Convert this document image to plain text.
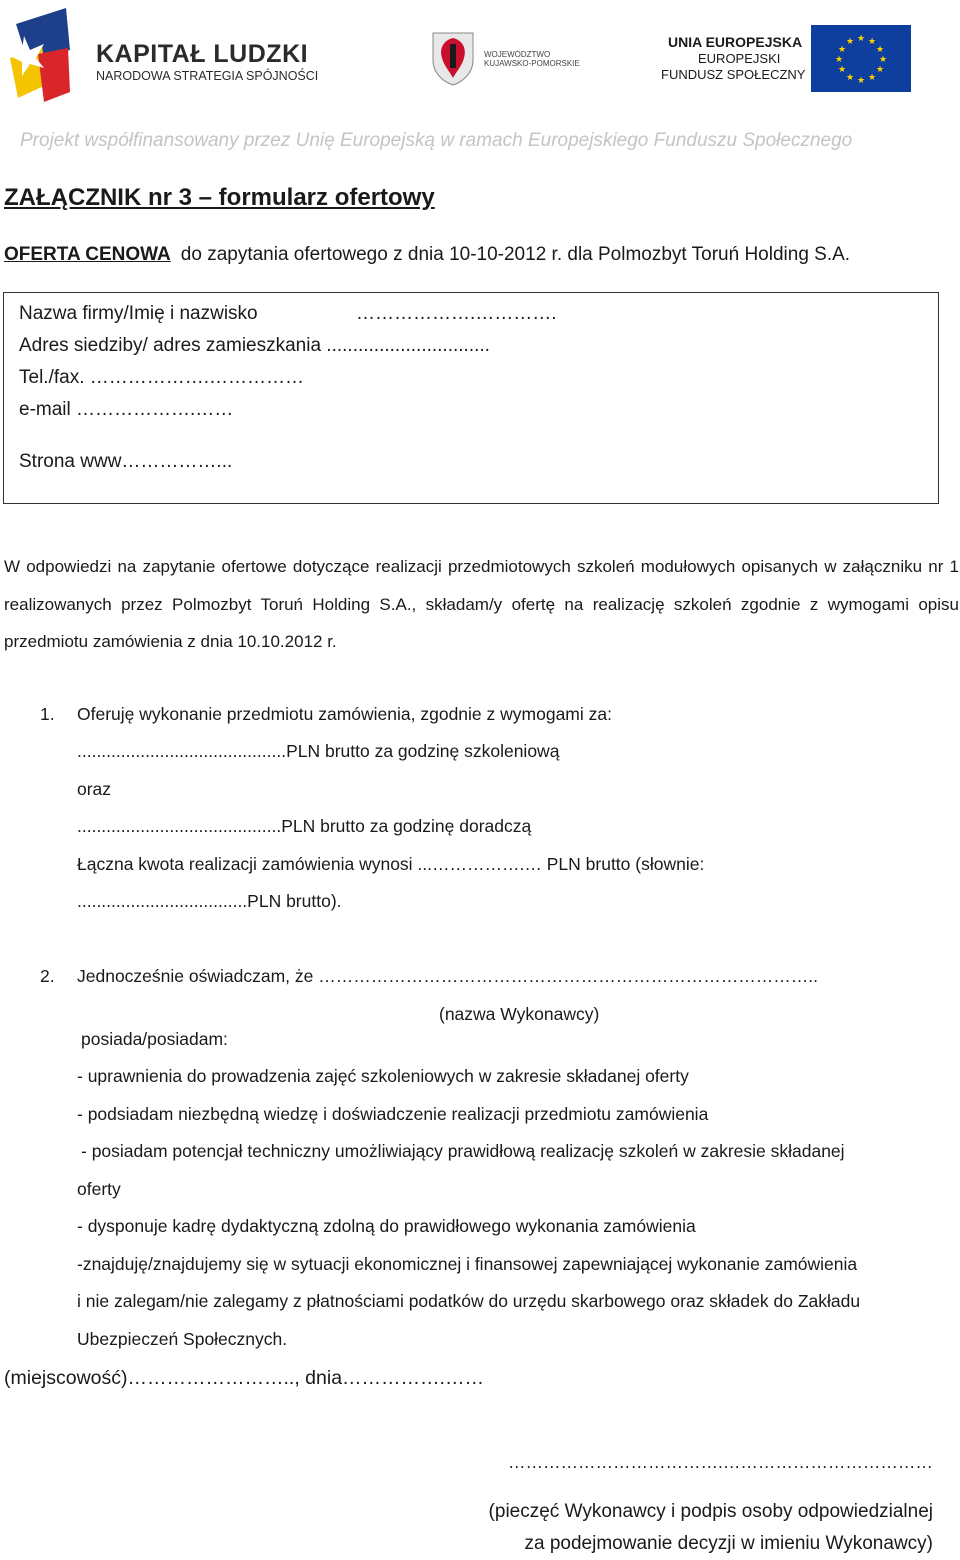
KAPITAŁ LUDZKI
NARODOWA STRATEGIA SPÓJNOŚCI
WOJEWÓDZTWO
KUJAWSKO-POMORSKIE
UNIA EUROPEJSKA
EUROPEJSKI
FUNDUSZ SPOŁECZNY
★ ★
★
★
★
★
★
★
★
★
★
★
Projekt współfinansowany przez Unię Europejską w ramach Europejskiego Funduszu Społecznego
ZAŁĄCZNIK nr 3 – formularz ofertowy
OFERTA CENOWA do zapytania ofertowego z dnia 10-10-2012 r. dla Polmozbyt Toruń Holding S.A.
Nazwa firmy/Imię i nazwisko	……………….………….
Adres siedziby/ adres zamieszkania ...............................
Tel./fax. ……………….……………
e-mail ……………….……
Strona www……………...
W odpowiedzi na zapytanie ofertowe dotyczące realizacji przedmiotowych szkoleń modułowych opisanych w załączniku nr 1 realizowanych przez Polmozbyt Toruń Holding S.A., składam/y ofertę na realizację szkoleń zgodnie z wymogami opisu przedmiotu zamówienia z dnia 10.10.2012 r.
1. Oferuję wykonanie przedmiotu zamówienia, zgodnie z wymogami za:
...........................................PLN brutto za godzinę szkoleniową
oraz
..........................................PLN brutto za godzinę doradczą
Łączna kwota realizacji zamówienia wynosi ...…………….… PLN brutto (słownie:
...................................PLN brutto).
2. Jednocześnie oświadczam, że …………………………………………………………………………..
(nazwa Wykonawcy)
posiada/posiadam:
- uprawnienia do prowadzenia zajęć szkoleniowych w zakresie składanej oferty
- podsiadam niezbędną wiedzę i doświadczenie realizacji przedmiotu zamówienia
- posiadam potencjał techniczny umożliwiający prawidłową realizację szkoleń w zakresie składanej
oferty
- dysponuje kadrę dydaktyczną zdolną do prawidłowego wykonania zamówienia
-znajduję/znajdujemy się w sytuacji ekonomicznej i finansowej zapewniającej wykonanie zamówienia
i nie zalegam/nie zalegamy z płatnościami podatków do urzędu skarbowego oraz składek do Zakładu
Ubezpieczeń Społecznych.
(miejscowość)…………………….., dnia…………….……
……………………………….………………………………
(pieczęć Wykonawcy i podpis osoby odpowiedzialnej
za podejmowanie decyzji w imieniu Wykonawcy)
